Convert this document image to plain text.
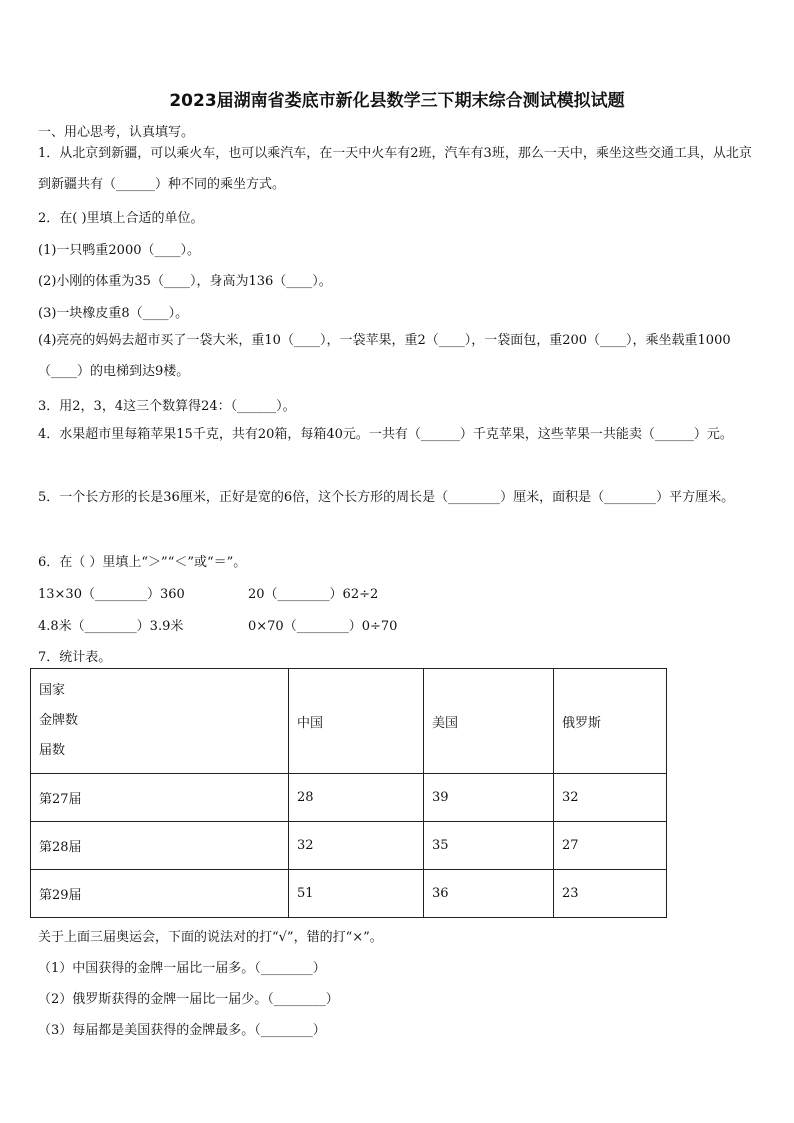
2023届湖南省娄底市新化县数学三下期末综合测试模拟试题
一、用心思考，认真填写。
1．从北京到新疆，可以乘火车，也可以乘汽车，在一天中火车有2班，汽车有3班，那么一天中，乘坐这些交通工具，从北京到新疆共有（______）种不同的乘坐方式。
2．在( )里填上合适的单位。
(1)一只鸭重2000（____）。
(2)小刚的体重为35（____），身高为136（____）。
(3)一块橡皮重8（____）。
(4)亮亮的妈妈去超市买了一袋大米，重10（____），一袋苹果，重2（____），一袋面包，重200（____），乘坐载重1000（____）的电梯到达9楼。
3．用2，3，4这三个数算得24：（______）。
4．水果超市里每箱苹果15千克，共有20箱，每箱40元。一共有（______）千克苹果，这些苹果一共能卖（______）元。
5．一个长方形的长是36厘米，正好是宽的6倍，这个长方形的周长是（________）厘米，面积是（________）平方厘米。
6．在（ ）里填上“＞”“＜”或“＝”。
13×30（________）360	20（________）62÷2
4.8米（________）3.9米	0×70（________）0÷70
7．统计表。
国家
金牌数
届数	中国	美国	俄罗斯
第27届	28	39	32
第28届	32	35	27
第29届	51	36	23
关于上面三届奥运会，下面的说法对的打“√”，错的打“×”。
（1）中国获得的金牌一届比一届多。（________）
（2）俄罗斯获得的金牌一届比一届少。（________）
（3）每届都是美国获得的金牌最多。（________）
